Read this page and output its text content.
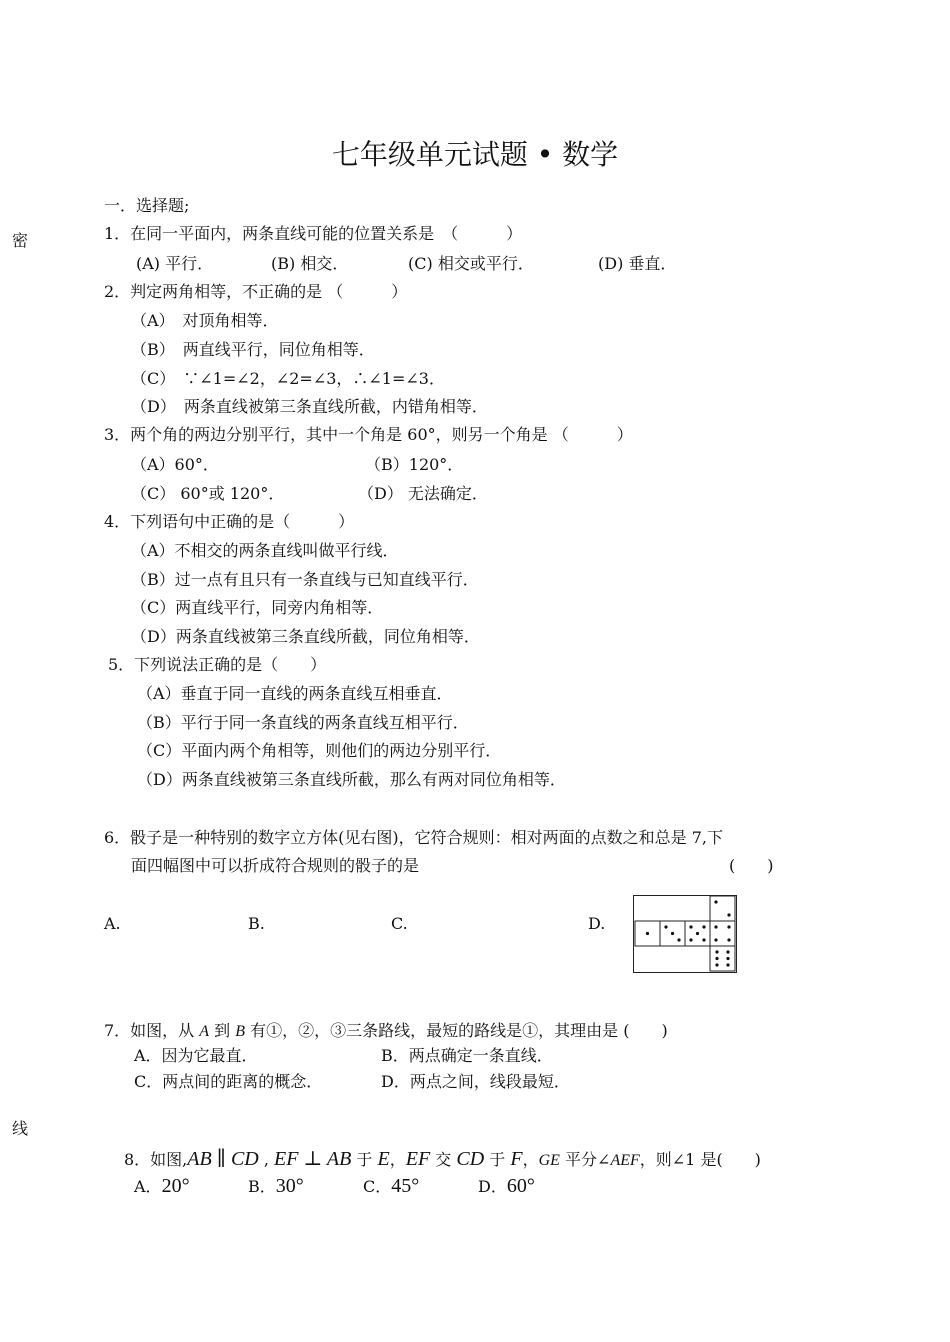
七年级单元试题 • 数学
密
线
一．选择题;
1．在同一平面内，两条直线可能的位置关系是　（　　　）
(A) 平行．	(B) 相交．	(C) 相交或平行．	(D) 垂直．
2．判定两角相等，不正确的是 （　　　）
（A）　对顶角相等．
（B）　两直线平行，同位角相等．
（C）　∵∠1=∠2，∠2=∠3，∴∠1=∠3．
（D）　两条直线被第三条直线所截，内错角相等．
3．两个角的两边分别平行，其中一个角是 60°，则另一个角是 （　　　）
（A）60°．	（B）120°．
（C） 60°或 120°．	（D） 无法确定．
4．下列语句中正确的是（　　　）
（A）不相交的两条直线叫做平行线．
（B）过一点有且只有一条直线与已知直线平行．
（C）两直线平行，同旁内角相等．
（D）两条直线被第三条直线所截，同位角相等．
5．下列说法正确的是（　　）
（A）垂直于同一直线的两条直线互相垂直．
（B）平行于同一条直线的两条直线互相平行．
（C）平面内两个角相等，则他们的两边分别平行．
（D）两条直线被第三条直线所截，那么有两对同位角相等．
6．骰子是一种特别的数字立方体(见右图)，它符合规则：相对两面的点数之和总是 7,下
面四幅图中可以折成符合规则的骰子的是	(　　)
A.	B.	C.	D.
7．如图，从 A 到 B 有①，②，③三条路线，最短的路线是①，其理由是 (　　)
A．因为它最直．	B．两点确定一条直线．
C．两点间的距离的概念．	D．两点之间，线段最短．
8．如图,AB ∥ CD , EF ⊥ AB 于 E，EF 交 CD 于 F，GE 平分∠AEF，则∠1 是(　　)
A．20°	B．30°	C．45°	D．60°
